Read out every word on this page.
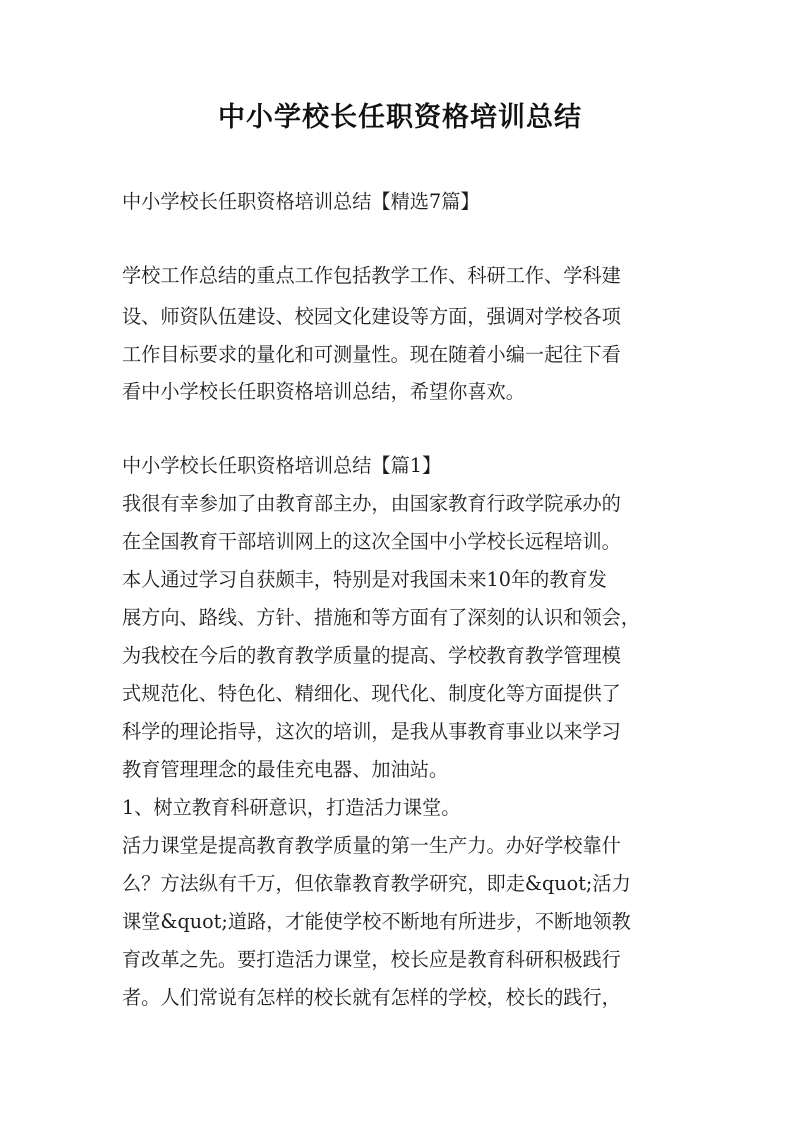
中小学校长任职资格培训总结
中小学校长任职资格培训总结【精选7篇】
学校工作总结的重点工作包括教学工作、科研工作、学科建
设、师资队伍建设、校园文化建设等方面，强调对学校各项
工作目标要求的量化和可测量性。现在随着小编一起往下看
看中小学校长任职资格培训总结，希望你喜欢。
中小学校长任职资格培训总结【篇1】
我很有幸参加了由教育部主办，由国家教育行政学院承办的
在全国教育干部培训网上的这次全国中小学校长远程培训。
本人通过学习自获颇丰，特别是对我国未来10年的教育发
展方向、路线、方针、措施和等方面有了深刻的认识和领会，
为我校在今后的教育教学质量的提高、学校教育教学管理模
式规范化、特色化、精细化、现代化、制度化等方面提供了
科学的理论指导，这次的培训，是我从事教育事业以来学习
教育管理理念的最佳充电器、加油站。
1、树立教育科研意识，打造活力课堂。
活力课堂是提高教育教学质量的第一生产力。办好学校靠什
么？方法纵有千万，但依靠教育教学研究，即走&quot;活力
课堂&quot;道路，才能使学校不断地有所进步，不断地领教
育改革之先。要打造活力课堂，校长应是教育科研积极践行
者。人们常说有怎样的校长就有怎样的学校，校长的践行，
